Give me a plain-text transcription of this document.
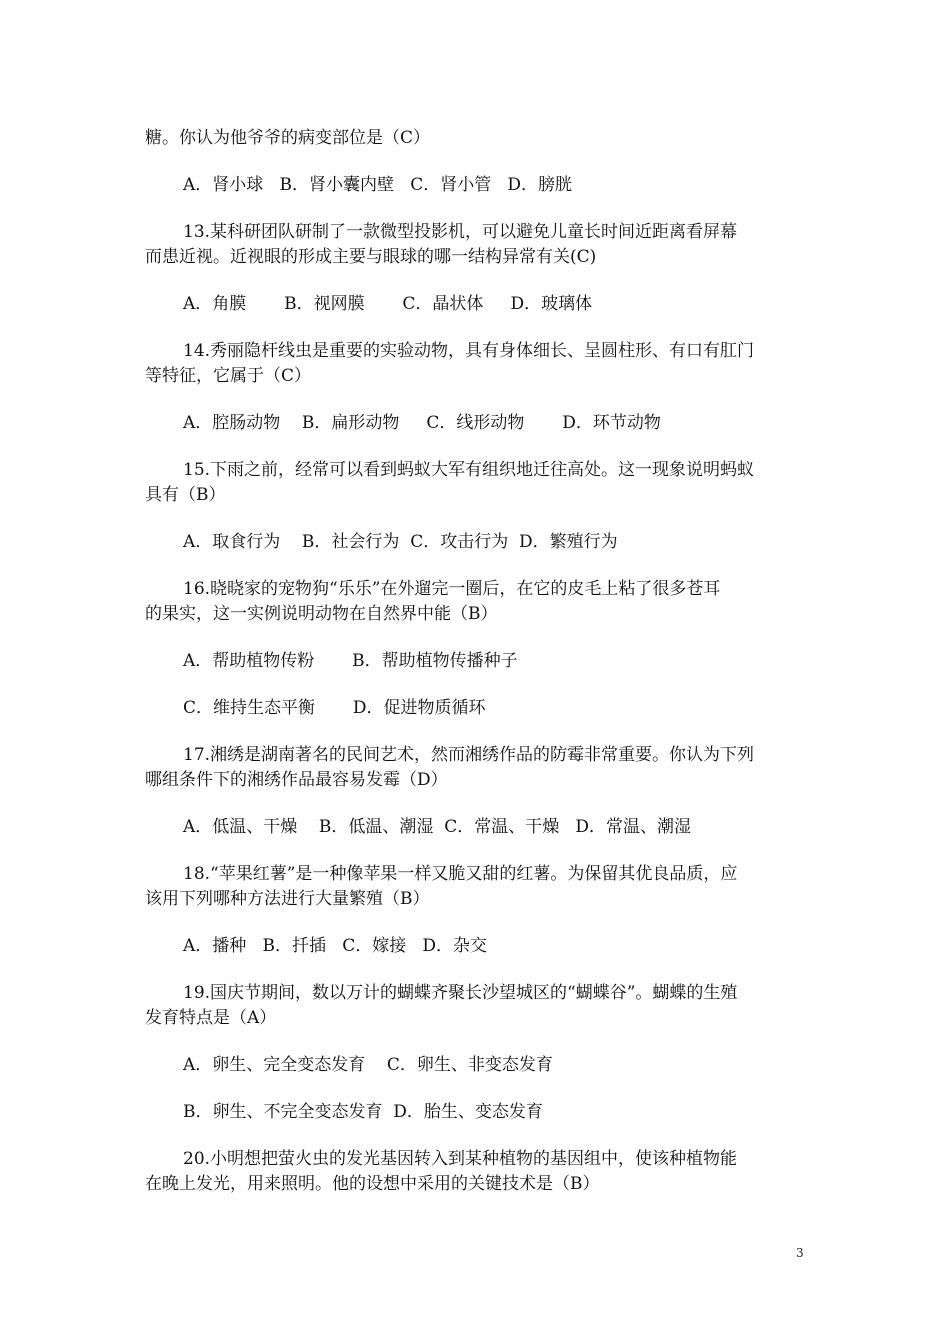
糖。你认为他爷爷的病变部位是（C）
A．肾小球   B．肾小囊内壁   C．肾小管   D．膀胱
13.某科研团队研制了一款微型投影机，可以避免儿童长时间近距离看屏幕
而患近视。近视眼的形成主要与眼球的哪一结构异常有关(C)
A．角膜       B．视网膜       C．晶状体     D．玻璃体
14.秀丽隐杆线虫是重要的实验动物，具有身体细长、呈圆柱形、有口有肛门
等特征，它属于（C）
A．腔肠动物    B．扁形动物     C．线形动物       D．环节动物
15.下雨之前，经常可以看到蚂蚁大军有组织地迁往高处。这一现象说明蚂蚁
具有（B）
A．取食行为    B．社会行为  C．攻击行为  D．繁殖行为
16.晓晓家的宠物狗“乐乐”在外遛完一圈后，在它的皮毛上粘了很多苍耳
的果实，这一实例说明动物在自然界中能（B）
A．帮助植物传粉       B．帮助植物传播种子
C．维持生态平衡       D．促进物质循环
17.湘绣是湖南著名的民间艺术，然而湘绣作品的防霉非常重要。你认为下列
哪组条件下的湘绣作品最容易发霉（D）
A．低温、干燥    B．低温、潮湿  C．常温、干燥   D．常温、潮湿
18.“苹果红薯”是一种像苹果一样又脆又甜的红薯。为保留其优良品质，应
该用下列哪种方法进行大量繁殖（B）
A．播种   B．扦插   C．嫁接   D．杂交
19.国庆节期间，数以万计的蝴蝶齐聚长沙望城区的“蝴蝶谷”。蝴蝶的生殖
发育特点是（A）
A．卵生、完全变态发育    C．卵生、非变态发育
B．卵生、不完全变态发育  D．胎生、变态发育
20.小明想把萤火虫的发光基因转入到某种植物的基因组中，使该种植物能
在晚上发光，用来照明。他的设想中采用的关键技术是（B）
3
